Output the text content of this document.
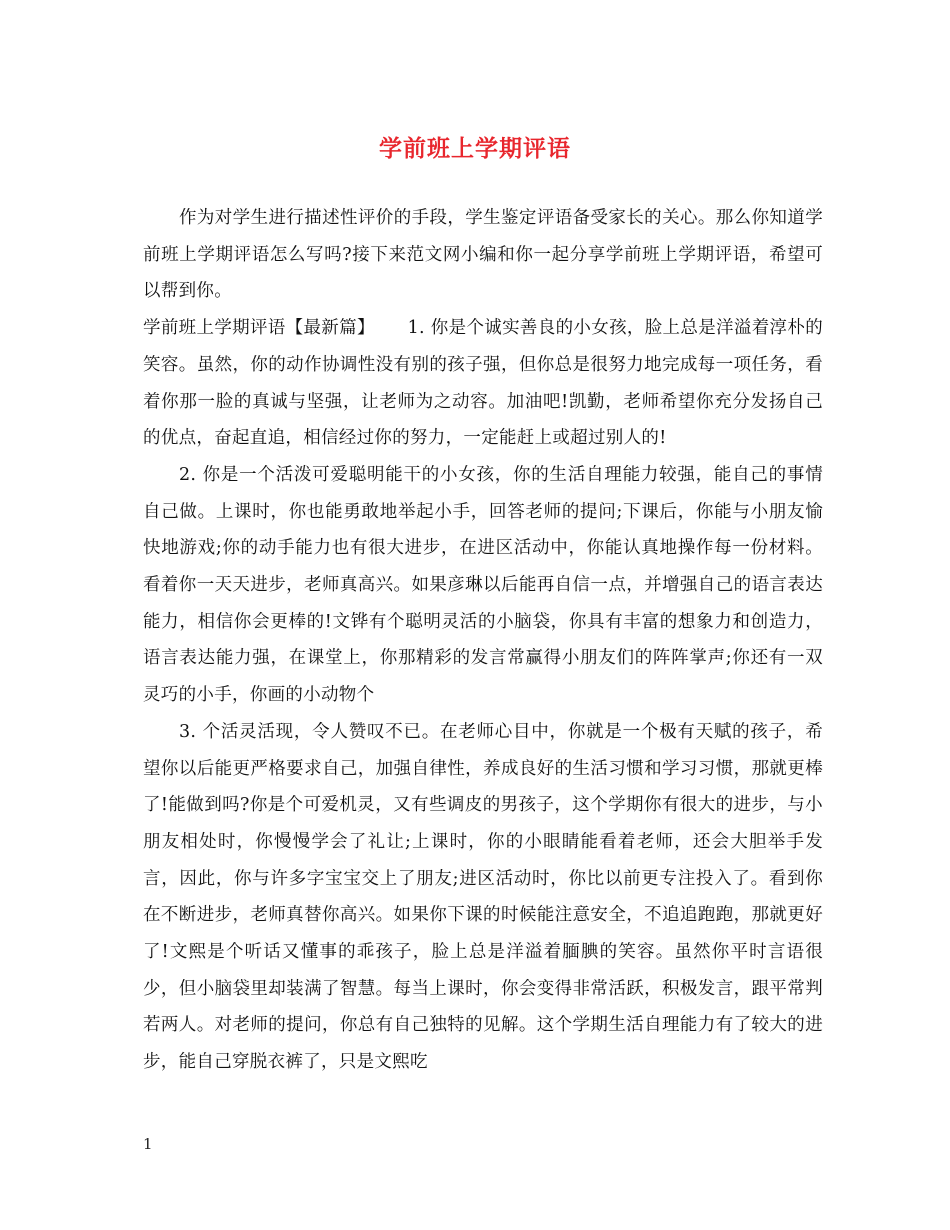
学前班上学期评语

作为对学生进行描述性评价的手段，学生鉴定评语备受家长的关心。那么你知道学前班上学期评语怎么写吗?接下来范文网小编和你一起分享学前班上学期评语，希望可以帮到你。

学前班上学期评语【最新篇】　　 1. 你是个诚实善良的小女孩，脸上总是洋溢着淳朴的笑容。虽然，你的动作协调性没有别的孩子强，但你总是很努力地完成每一项任务，看着你那一脸的真诚与坚强，让老师为之动容。加油吧!凯勤，老师希望你充分发扬自己的优点，奋起直追，相信经过你的努力，一定能赶上或超过别人的!

2. 你是一个活泼可爱聪明能干的小女孩，你的生活自理能力较强，能自己的事情自己做。上课时，你也能勇敢地举起小手，回答老师的提问;下课后，你能与小朋友愉快地游戏;你的动手能力也有很大进步，在进区活动中，你能认真地操作每一份材料。看着你一天天进步，老师真高兴。如果彦琳以后能再自信一点，并增强自己的语言表达能力，相信你会更棒的!文铧有个聪明灵活的小脑袋，你具有丰富的想象力和创造力，语言表达能力强，在课堂上，你那精彩的发言常赢得小朋友们的阵阵掌声;你还有一双灵巧的小手，你画的小动物个

3. 个活灵活现，令人赞叹不已。在老师心目中，你就是一个极有天赋的孩子，希望你以后能更严格要求自己，加强自律性，养成良好的生活习惯和学习习惯，那就更棒了!能做到吗?你是个可爱机灵，又有些调皮的男孩子，这个学期你有很大的进步，与小朋友相处时，你慢慢学会了礼让;上课时，你的小眼睛能看着老师，还会大胆举手发言，因此，你与许多字宝宝交上了朋友;进区活动时，你比以前更专注投入了。看到你在不断进步，老师真替你高兴。如果你下课的时候能注意安全，不追追跑跑，那就更好了!文熙是个听话又懂事的乖孩子，脸上总是洋溢着腼腆的笑容。虽然你平时言语很少，但小脑袋里却装满了智慧。每当上课时，你会变得非常活跃，积极发言，跟平常判若两人。对老师的提问，你总有自己独特的见解。这个学期生活自理能力有了较大的进步，能自己穿脱衣裤了，只是文熙吃

1
